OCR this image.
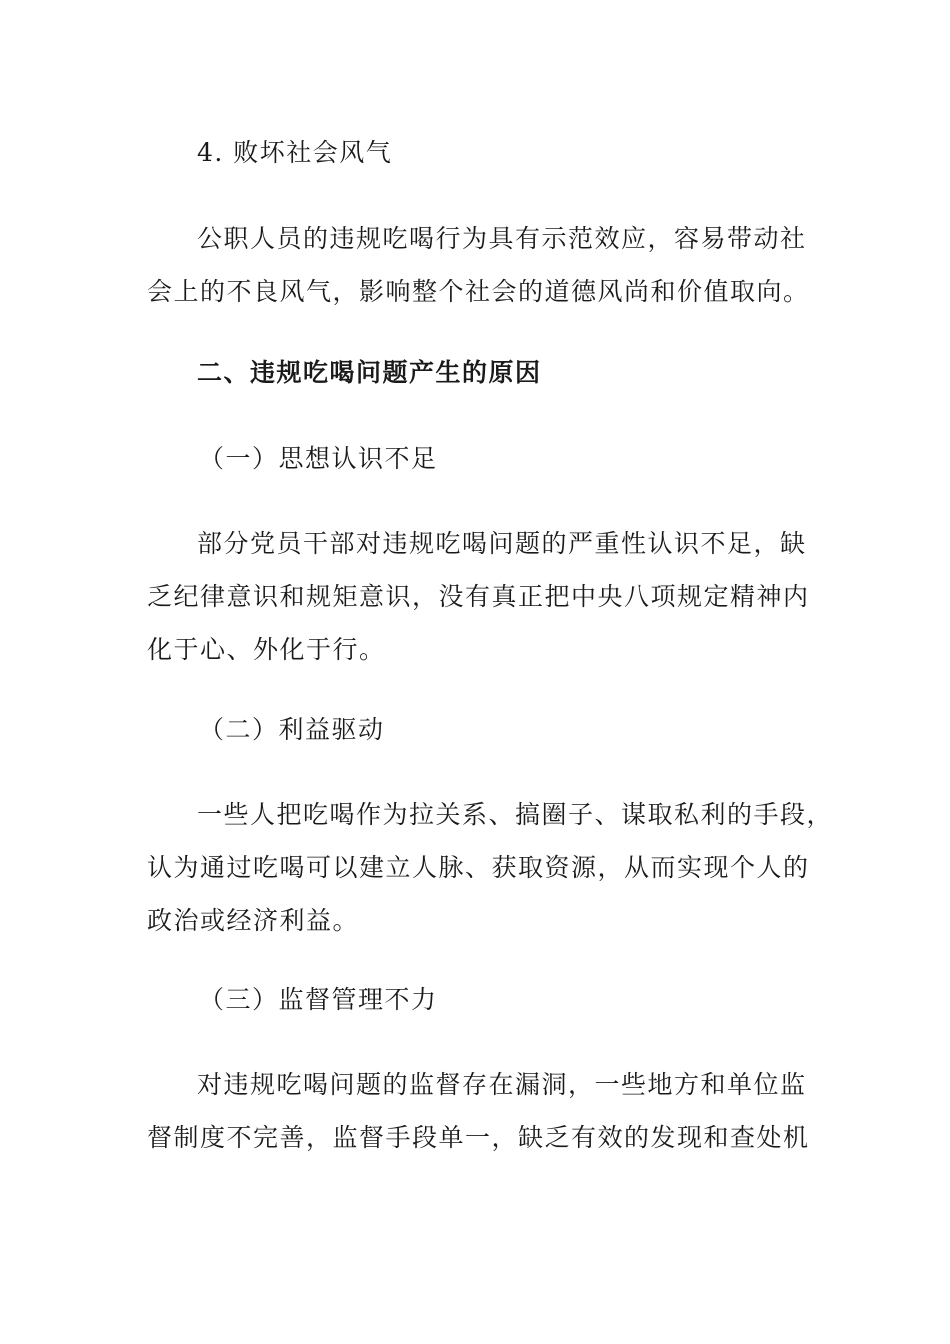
4. 败坏社会风气
公职人员的违规吃喝行为具有示范效应，容易带动社
会上的不良风气，影响整个社会的道德风尚和价值取向。
二、违规吃喝问题产生的原因
（一）思想认识不足
部分党员干部对违规吃喝问题的严重性认识不足，缺
乏纪律意识和规矩意识，没有真正把中央八项规定精神内
化于心、外化于行。
（二）利益驱动
一些人把吃喝作为拉关系、搞圈子、谋取私利的手段，
认为通过吃喝可以建立人脉、获取资源，从而实现个人的
政治或经济利益。
（三）监督管理不力
对违规吃喝问题的监督存在漏洞，一些地方和单位监
督制度不完善，监督手段单一，缺乏有效的发现和查处机
